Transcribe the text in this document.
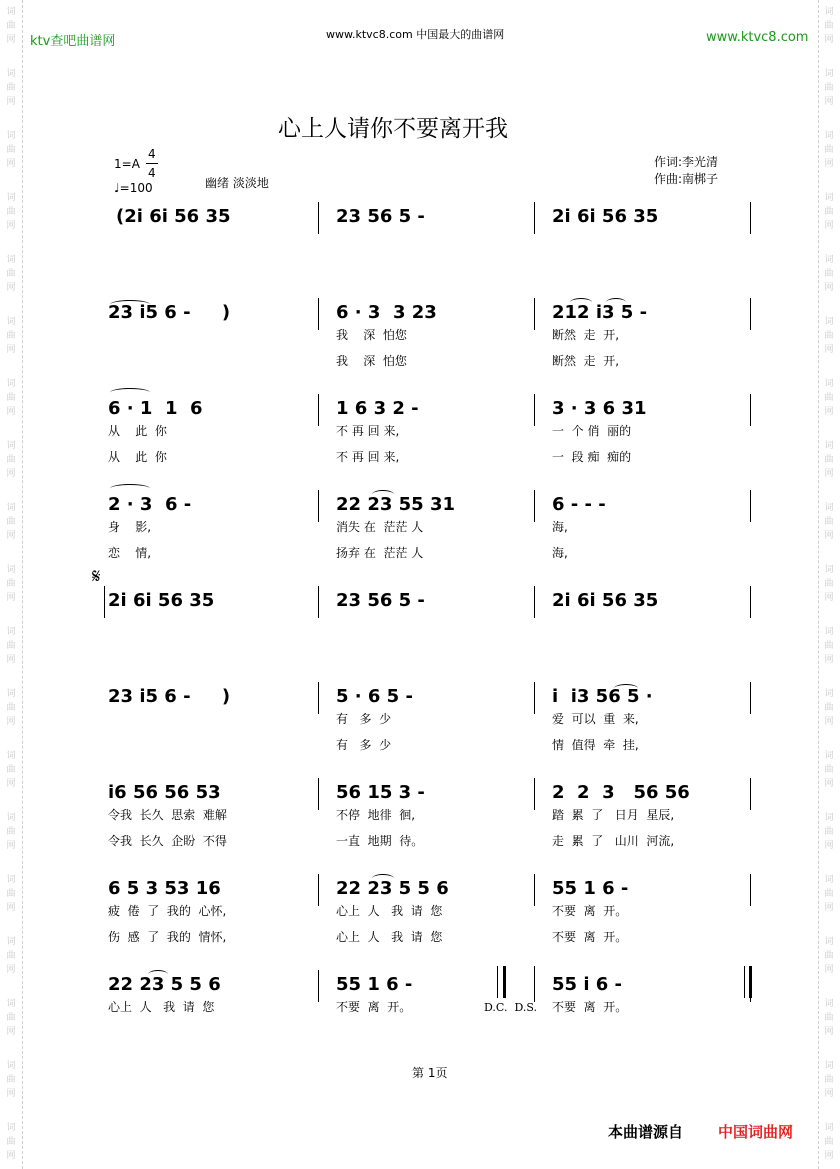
词
曲
网
词
曲
网
词
曲
网
词
曲
网
词
曲
网
词
曲
网
词
曲
网
词
曲
网
词
曲
网
词
曲
网
词
曲
网
词
曲
网
词
曲
网
词
曲
网
词
曲
网
词
曲
网
词
曲
网
词
曲
网
词
曲
网
词
曲
网
词
曲
网
词
曲
网
词
曲
网
词
曲
网
词
曲
网
词
曲
网
词
曲
网
词
曲
网
词
曲
网
词
曲
网
词
曲
网
词
曲
网
词
曲
网
词
曲
网
词
曲
网
词
曲
网
词
曲
网
词
曲
网
ktv查吧曲谱网	www.ktvc8.com 中国最大的曲谱网	www.ktvc8.com
心上人请你不要离开我
1=A
4
4
♩=100	幽绪 淡淡地
作词:李光清
作曲:南梆子
𝄋
(2i 6i 56 35	23 56 5 -	2i 6i 56 35
23 i5 6 -     )	6 · 3  3 23
我    深  怕您
我    深  怕您
212 i3 5 -
断然  走  开,
断然  走  开,
6 · 1  1  6
从    此  你
从    此  你
1 6 3 2 -
不 再 回 来,
不 再 回 来,
3 · 3 6 31
一  个 俏  丽的
一  段 痴  痴的
2 · 3  6 -
身    影,
恋    情,
22 23 55 31
消失 在  茫茫 人
扬弃 在  茫茫 人
6 - - -
海,
海,
2i 6i 56 35	23 56 5 -	2i 6i 56 35
23 i5 6 -     )	5 · 6 5 -
有   多  少
有   多  少
i  i3 56 5 ·
爱  可以  重  来,
情  值得  牵  挂,
i6 56 56 53
令我  长久  思索  难解
令我  长久  企盼  不得
56 15 3 -
不停  地徘  徊,
一直  地期  待。
2  2  3   56 56
踏  累  了   日月  星辰,
走  累  了   山川  河流,
6 5 3 53 16
疲  倦  了  我的  心怀,
伤  感  了  我的  情怀,
22 23 5 5 6
心上  人   我  请  您
心上  人   我  请  您
55 1 6 -
不要  离  开。
不要  离  开。
22 23 5 5 6
心上  人   我  请  您
55 1 6 -
不要  离  开。
55 i 6 -
不要  离  开。
D.C.  D.S.
第 1页
本曲谱源自 中国词曲网
